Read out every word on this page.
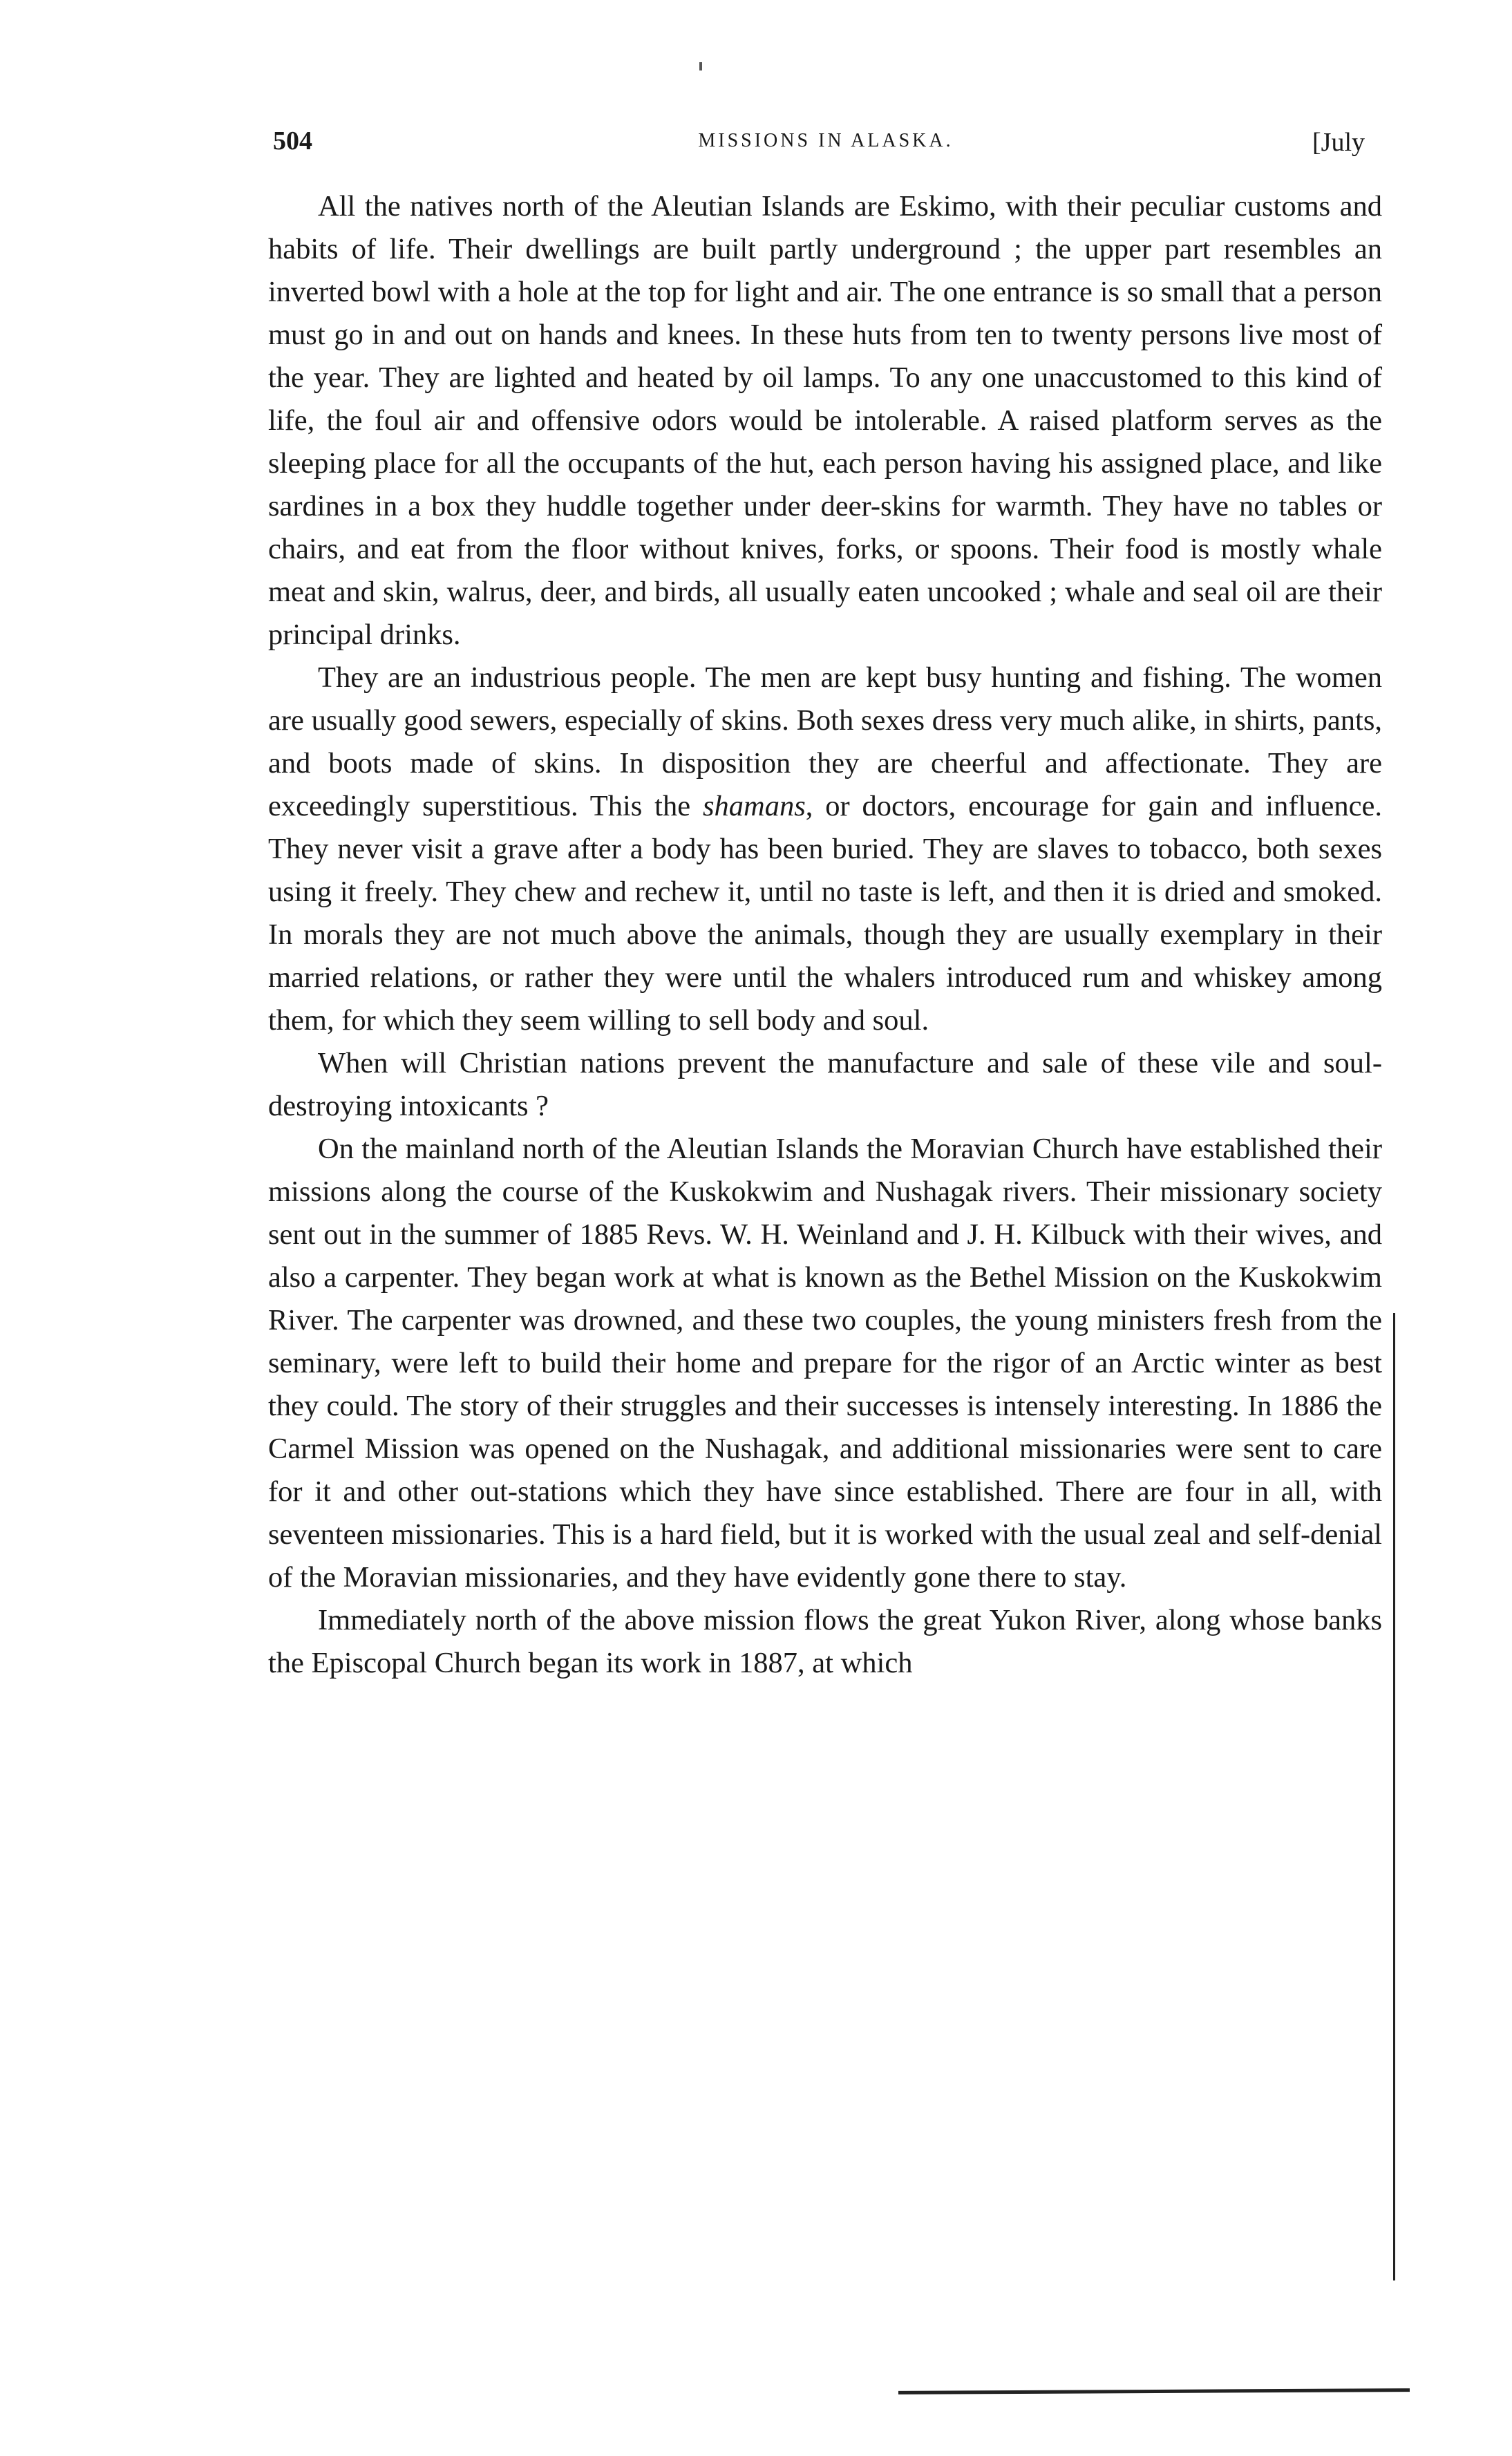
504	MISSIONS IN ALASKA.	[July

All the natives north of the Aleutian Islands are Eskimo, with their peculiar customs and habits of life. Their dwellings are built partly underground ; the upper part resembles an inverted bowl with a hole at the top for light and air. The one entrance is so small that a person must go in and out on hands and knees. In these huts from ten to twenty persons live most of the year. They are lighted and heated by oil lamps. To any one unaccustomed to this kind of life, the foul air and offensive odors would be intolerable. A raised platform serves as the sleeping place for all the occupants of the hut, each person having his assigned place, and like sardines in a box they huddle together under deer-skins for warmth. They have no tables or chairs, and eat from the floor without knives, forks, or spoons. Their food is mostly whale meat and skin, walrus, deer, and birds, all usually eaten uncooked ; whale and seal oil are their principal drinks.

They are an industrious people. The men are kept busy hunting and fishing. The women are usually good sewers, especially of skins. Both sexes dress very much alike, in shirts, pants, and boots made of skins. In disposition they are cheerful and affectionate. They are exceedingly superstitious. This the shamans, or doctors, encourage for gain and influence. They never visit a grave after a body has been buried. They are slaves to tobacco, both sexes using it freely. They chew and rechew it, until no taste is left, and then it is dried and smoked. In morals they are not much above the animals, though they are usually exemplary in their married relations, or rather they were until the whalers introduced rum and whiskey among them, for which they seem willing to sell body and soul.

When will Christian nations prevent the manufacture and sale of these vile and soul-destroying intoxicants ?

On the mainland north of the Aleutian Islands the Moravian Church have established their missions along the course of the Kuskokwim and Nushagak rivers. Their missionary society sent out in the summer of 1885 Revs. W. H. Weinland and J. H. Kilbuck with their wives, and also a carpenter. They began work at what is known as the Bethel Mission on the Kuskokwim River. The carpenter was drowned, and these two couples, the young ministers fresh from the seminary, were left to build their home and prepare for the rigor of an Arctic winter as best they could. The story of their struggles and their successes is intensely interesting. In 1886 the Carmel Mission was opened on the Nushagak, and additional missionaries were sent to care for it and other out-stations which they have since established. There are four in all, with seventeen missionaries. This is a hard field, but it is worked with the usual zeal and self-denial of the Moravian missionaries, and they have evidently gone there to stay.

Immediately north of the above mission flows the great Yukon River, along whose banks the Episcopal Church began its work in 1887, at which
